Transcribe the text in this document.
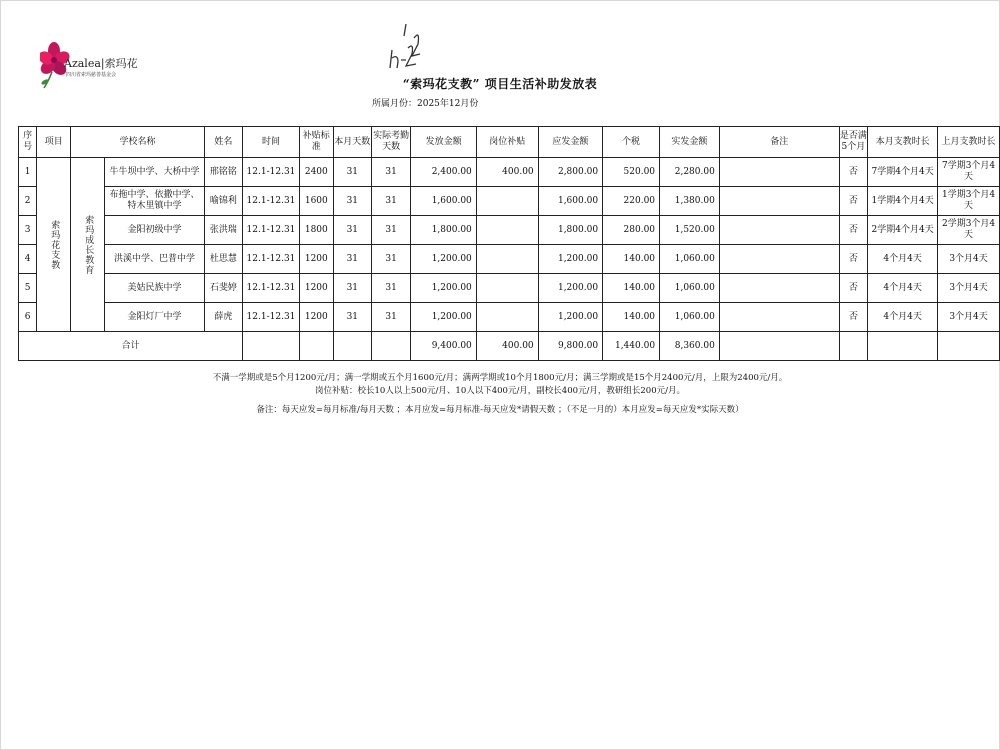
Azalea|索玛花
四川省索玛慈善基金会
“索玛花支教” 项目生活补助发放表
所属月份：2025年12月份
序号	项目	学校名称		姓名	时间	补贴标准	本月天数	实际考勤天数	发放金额	岗位补贴	应发金额	个税	实发金额	备注	是否满5个月	本月支教时长	上月支教时长
1	索玛花支教	索玛成长教育	牛牛坝中学、大桥中学	邢铭铭	12.1-12.31	2400	31	31	2,400.00	400.00	2,800.00	520.00	2,280.00		否	7学期4个月4天	7学期3个月4天
2			布拖中学、依撒中学、特木里镇中学	喻锦利	12.1-12.31	1600	31	31	1,600.00		1,600.00	220.00	1,380.00		否	1学期4个月4天	1学期3个月4天
3			金阳初级中学	张洪瑞	12.1-12.31	1800	31	31	1,800.00		1,800.00	280.00	1,520.00		否	2学期4个月4天	2学期3个月4天
4			洪溪中学、巴普中学	杜思慧	12.1-12.31	1200	31	31	1,200.00		1,200.00	140.00	1,060.00		否	4个月4天	3个月4天
5			美姑民族中学	石斐婷	12.1-12.31	1200	31	31	1,200.00		1,200.00	140.00	1,060.00		否	4个月4天	3个月4天
6			金阳灯厂中学	薛虎	12.1-12.31	1200	31	31	1,200.00		1,200.00	140.00	1,060.00		否	4个月4天	3个月4天
合计									9,400.00	400.00	9,800.00	1,440.00	8,360.00				
不满一学期或是5个月1200元/月；满一学期或五个月1600元/月；满两学期或10个月1800元/月；满三学期或是15个月2400元/月，上限为2400元/月。
岗位补贴：校长10人以上500元/月、10人以下400元/月，副校长400元/月，教研组长200元/月。
备注：每天应发=每月标准/每月天数 ；本月应发=每月标准-每天应发*请假天数 ；（不足一月的）本月应发=每天应发*实际天数）
